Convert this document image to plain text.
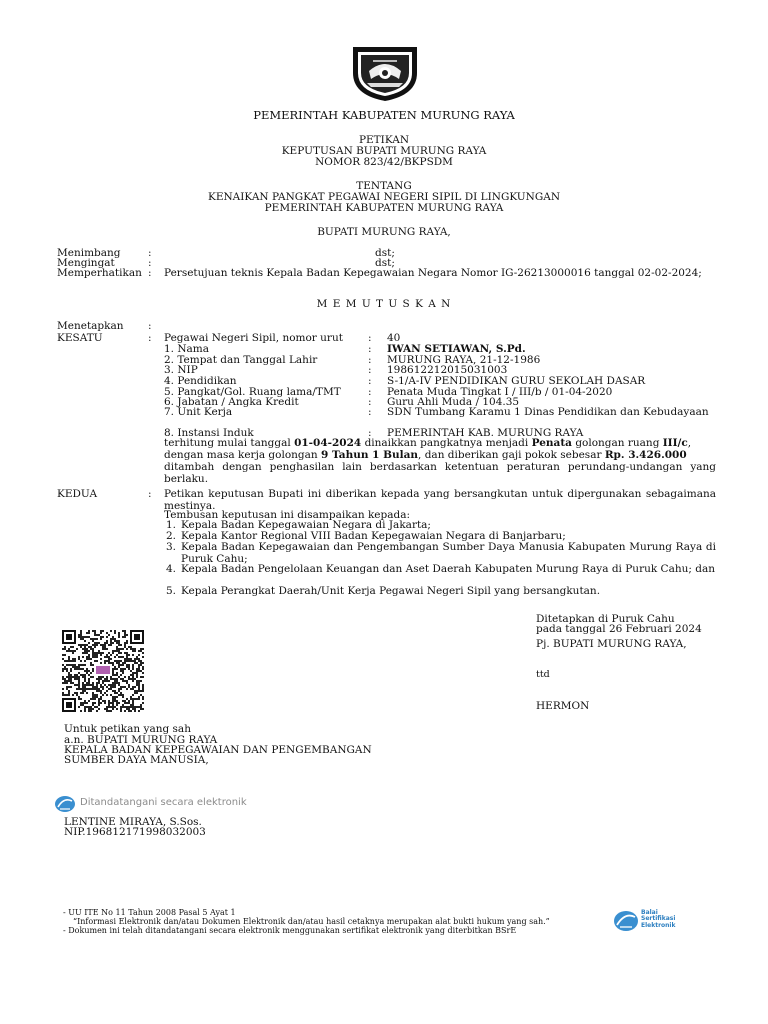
PEMERINTAH KABUPATEN MURUNG RAYA
PETIKAN
KEPUTUSAN BUPATI MURUNG RAYA
NOMOR 823/42/BKPSDM
TENTANG
KENAIKAN PANGKAT PEGAWAI NEGERI SIPIL DI LINGKUNGAN
PEMERINTAH KABUPATEN MURUNG RAYA
BUPATI MURUNG RAYA,
Menimbang	:	dst;
Mengingat	:	dst;
Memperhatikan : Persetujuan teknis Kepala Badan Kepegawaian Negara Nomor IG-26213000016 tanggal 02-02-2024;
M E M U T U S K A N
Menetapkan :
KESATU	: Pegawai Negeri Sipil, nomor urut : 40
1. Nama	: IWAN SETIAWAN, S.Pd.
2. Tempat dan Tanggal Lahir	: MURUNG RAYA, 21-12-1986
3. NIP	: 198612212015031003
4. Pendidikan	: S-1/A-IV PENDIDIKAN GURU SEKOLAH DASAR
5. Pangkat/Gol. Ruang lama/TMT	: Penata Muda Tingkat I / III/b / 01-04-2020
6. Jabatan / Angka Kredit	: Guru Ahli Muda / 104.35
7. Unit Kerja	: SDN Tumbang Karamu 1 Dinas Pendidikan dan Kebudayaan
8. Instansi Induk	: PEMERINTAH KAB. MURUNG RAYA
terhitung mulai tanggal 01-04-2024 dinaikkan pangkatnya menjadi Penata golongan ruang III/c,
dengan masa kerja golongan 9 Tahun 1 Bulan, dan diberikan gaji pokok sebesar Rp. 3.426.000
ditambah dengan penghasilan lain berdasarkan ketentuan peraturan perundang-undangan yang berlaku.
KEDUA	: Petikan keputusan Bupati ini diberikan kepada yang bersangkutan untuk dipergunakan sebagaimana mestinya.
Tembusan keputusan ini disampaikan kepada:
1. Kepala Badan Kepegawaian Negara di Jakarta;
2. Kepala Kantor Regional VIII Badan Kepegawaian Negara di Banjarbaru;
3. Kepala Badan Kepegawaian dan Pengembangan Sumber Daya Manusia Kabupaten Murung Raya di Puruk Cahu;
4. Kepala Badan Pengelolaan Keuangan dan Aset Daerah Kabupaten Murung Raya di Puruk Cahu; dan
5. Kepala Perangkat Daerah/Unit Kerja Pegawai Negeri Sipil yang bersangkutan.
Ditetapkan di Puruk Cahu
pada tanggal 26 Februari 2024
Pj. BUPATI MURUNG RAYA,
ttd
HERMON
Untuk petikan yang sah
a.n. BUPATI MURUNG RAYA
KEPALA BADAN KEPEGAWAIAN DAN PENGEMBANGAN
SUMBER DAYA MANUSIA,
Ditandatangani secara elektronik
LENTINE MIRAYA, S.Sos.
NIP.196812171998032003
- UU ITE No 11 Tahun 2008 Pasal 5 Ayat 1
“Informasi Elektronik dan/atau Dokumen Elektronik dan/atau hasil cetaknya merupakan alat bukti hukum yang sah.”
- Dokumen ini telah ditandatangani secara elektronik menggunakan sertifikat elektronik yang diterbitkan BSrE
Balai
Sertifikasi
Elektronik
